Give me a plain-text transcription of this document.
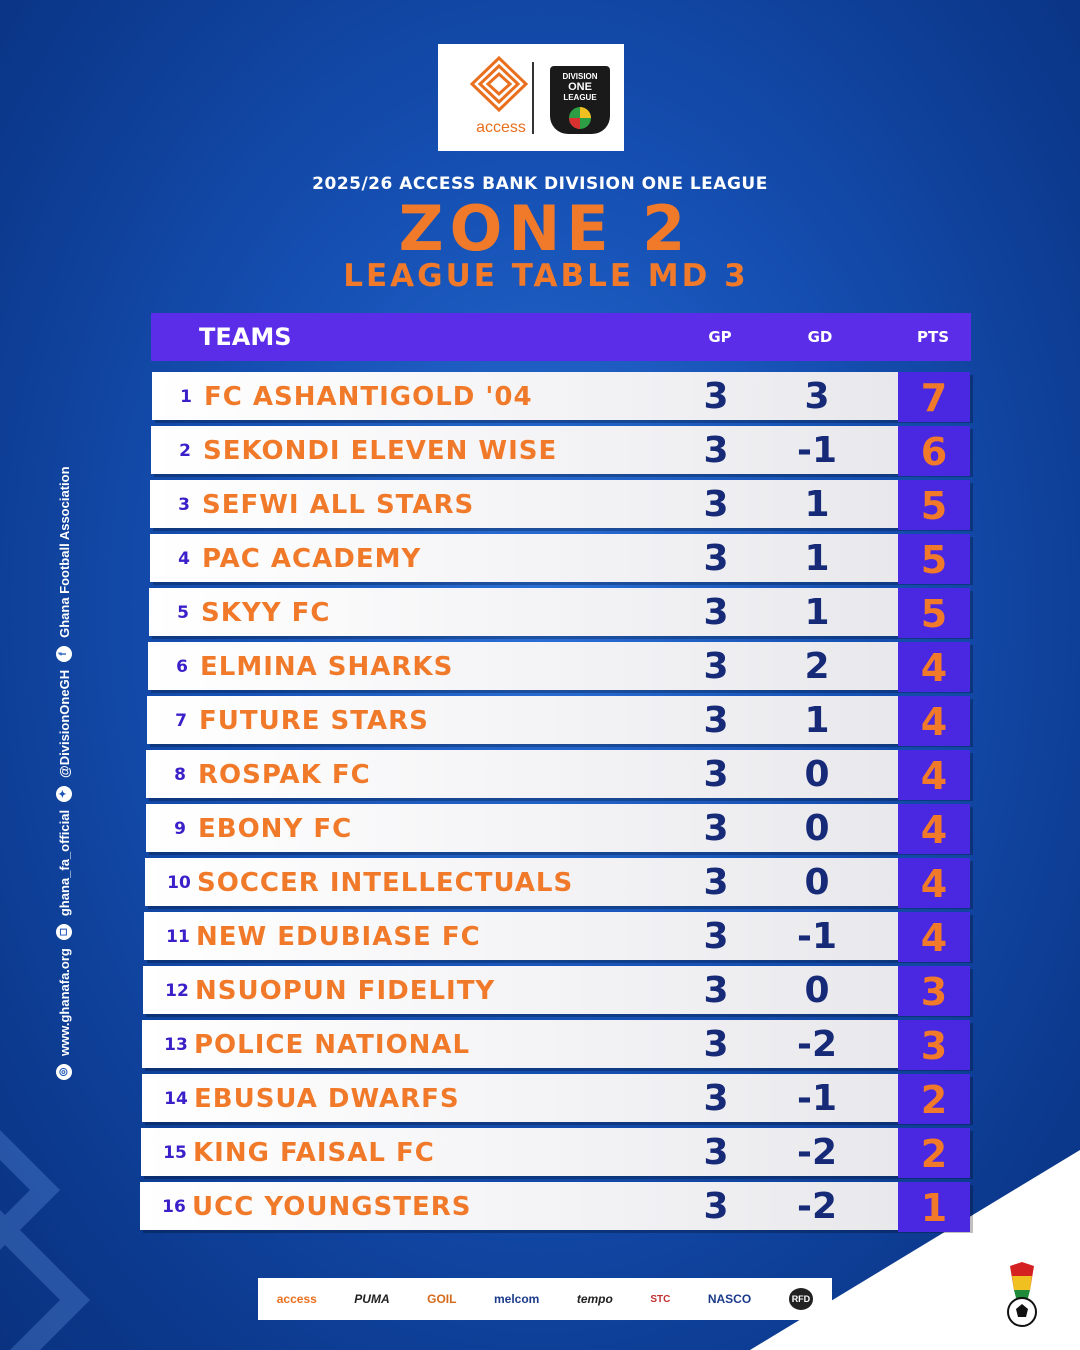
access
DIVISION
ONE
LEAGUE
2025/26 ACCESS BANK DIVISION ONE LEAGUE
ZONE 2
LEAGUE TABLE MD 3
TEAMS	GP	GD	PTS
1 FC ASHANTIGOLD '04	3	3	7
2 SEKONDI ELEVEN WISE	3	-1	6
3 SEFWI ALL STARS	3	1	5
4 PAC ACADEMY	3	1	5
5 SKYY FC	3	1	5
6 ELMINA SHARKS	3	2	4
7 FUTURE STARS	3	1	4
8 ROSPAK FC	3	0	4
9 EBONY FC	3	0	4
10 SOCCER INTELLECTUALS	3	0	4
11 NEW EDUBIASE FC	3	-1	4
12 NSUOPUN FIDELITY	3	0	3
13 POLICE NATIONAL	3	-2	3
14 EBUSUA DWARFS	3	-1	2
15 KING FAISAL FC	3	-2	2
16 UCC YOUNGSTERS	3	-2	1
◎
www.ghanafa.org
◻
ghana_fa_official
✦
@DivisionOneGH
f
Ghana Football Association
access	PUMA	GOIL	melcom	tempo	STC	NASCO	RFD
